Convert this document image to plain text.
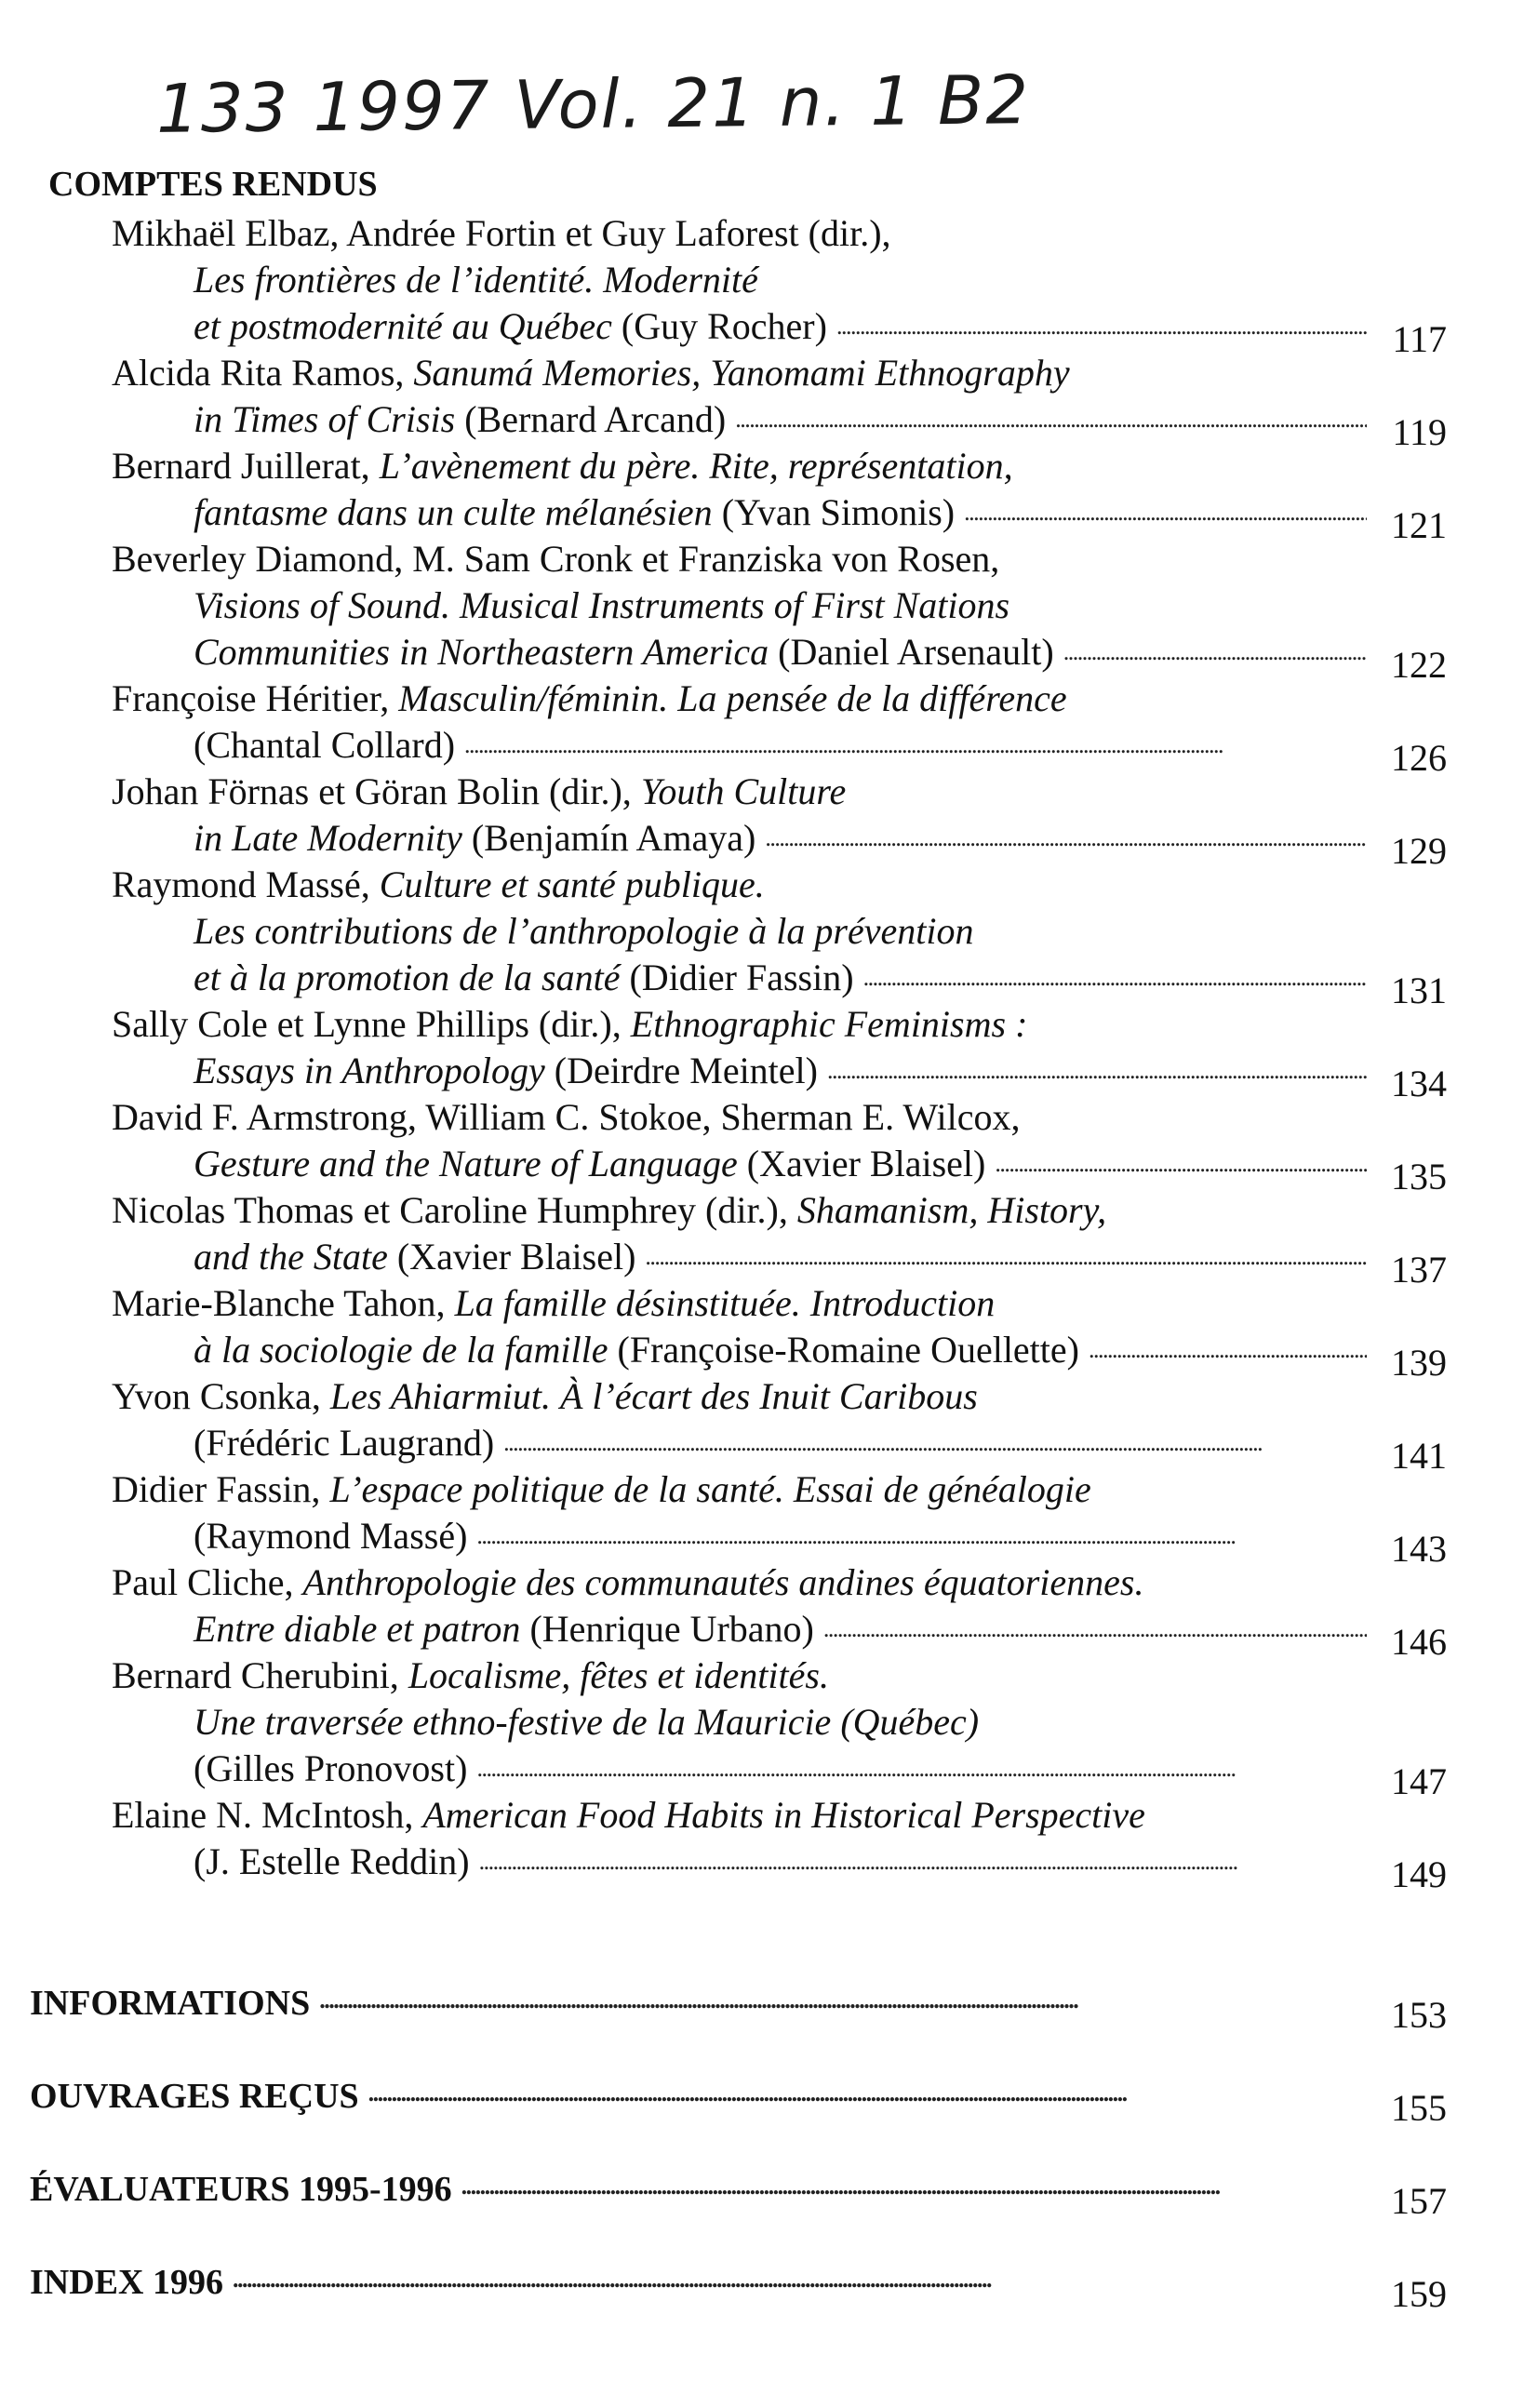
133 1997 Vol. 21 n. 1 B2
COMPTES RENDUS
Mikhaël Elbaz, Andrée Fortin et Guy Laforest (dir.),
Les frontières de l’identité. Modernité
et postmodernité au Québec (Guy Rocher) . . .	117
Alcida Rita Ramos, Sanumá Memories, Yanomami Ethnography
in Times of Crisis (Bernard Arcand) . . .	119
Bernard Juillerat, L’avènement du père. Rite, représentation,
fantasme dans un culte mélanésien (Yvan Simonis) . . .	121
Beverley Diamond, M. Sam Cronk et Franziska von Rosen,
Visions of Sound. Musical Instruments of First Nations
Communities in Northeastern America (Daniel Arsenault) . . .	122
Françoise Héritier, Masculin/féminin. La pensée de la différence
(Chantal Collard) . . .	126
Johan Förnas et Göran Bolin (dir.), Youth Culture
in Late Modernity (Benjamín Amaya) . . .	129
Raymond Massé, Culture et santé publique.
Les contributions de l’anthropologie à la prévention
et à la promotion de la santé (Didier Fassin) . . .	131
Sally Cole et Lynne Phillips (dir.), Ethnographic Feminisms :
Essays in Anthropology (Deirdre Meintel) . . .	134
David F. Armstrong, William C. Stokoe, Sherman E. Wilcox,
Gesture and the Nature of Language (Xavier Blaisel) . . .	135
Nicolas Thomas et Caroline Humphrey (dir.), Shamanism, History,
and the State (Xavier Blaisel) . . .	137
Marie-Blanche Tahon, La famille désinstituée. Introduction
à la sociologie de la famille (Françoise-Romaine Ouellette) . . .	139
Yvon Csonka, Les Ahiarmiut. À l’écart des Inuit Caribous
(Frédéric Laugrand) . . .	141
Didier Fassin, L’espace politique de la santé. Essai de généalogie
(Raymond Massé) . . .	143
Paul Cliche, Anthropologie des communautés andines équatoriennes.
Entre diable et patron (Henrique Urbano) . . .	146
Bernard Cherubini, Localisme, fêtes et identités.
Une traversée ethno-festive de la Mauricie (Québec)
(Gilles Pronovost) . . .	147
Elaine N. McIntosh, American Food Habits in Historical Perspective
(J. Estelle Reddin) . . .	149
INFORMATIONS . . .	153
OUVRAGES REÇUS . . .	155
ÉVALUATEURS 1995-1996 . . .	157
INDEX 1996 . . .	159
